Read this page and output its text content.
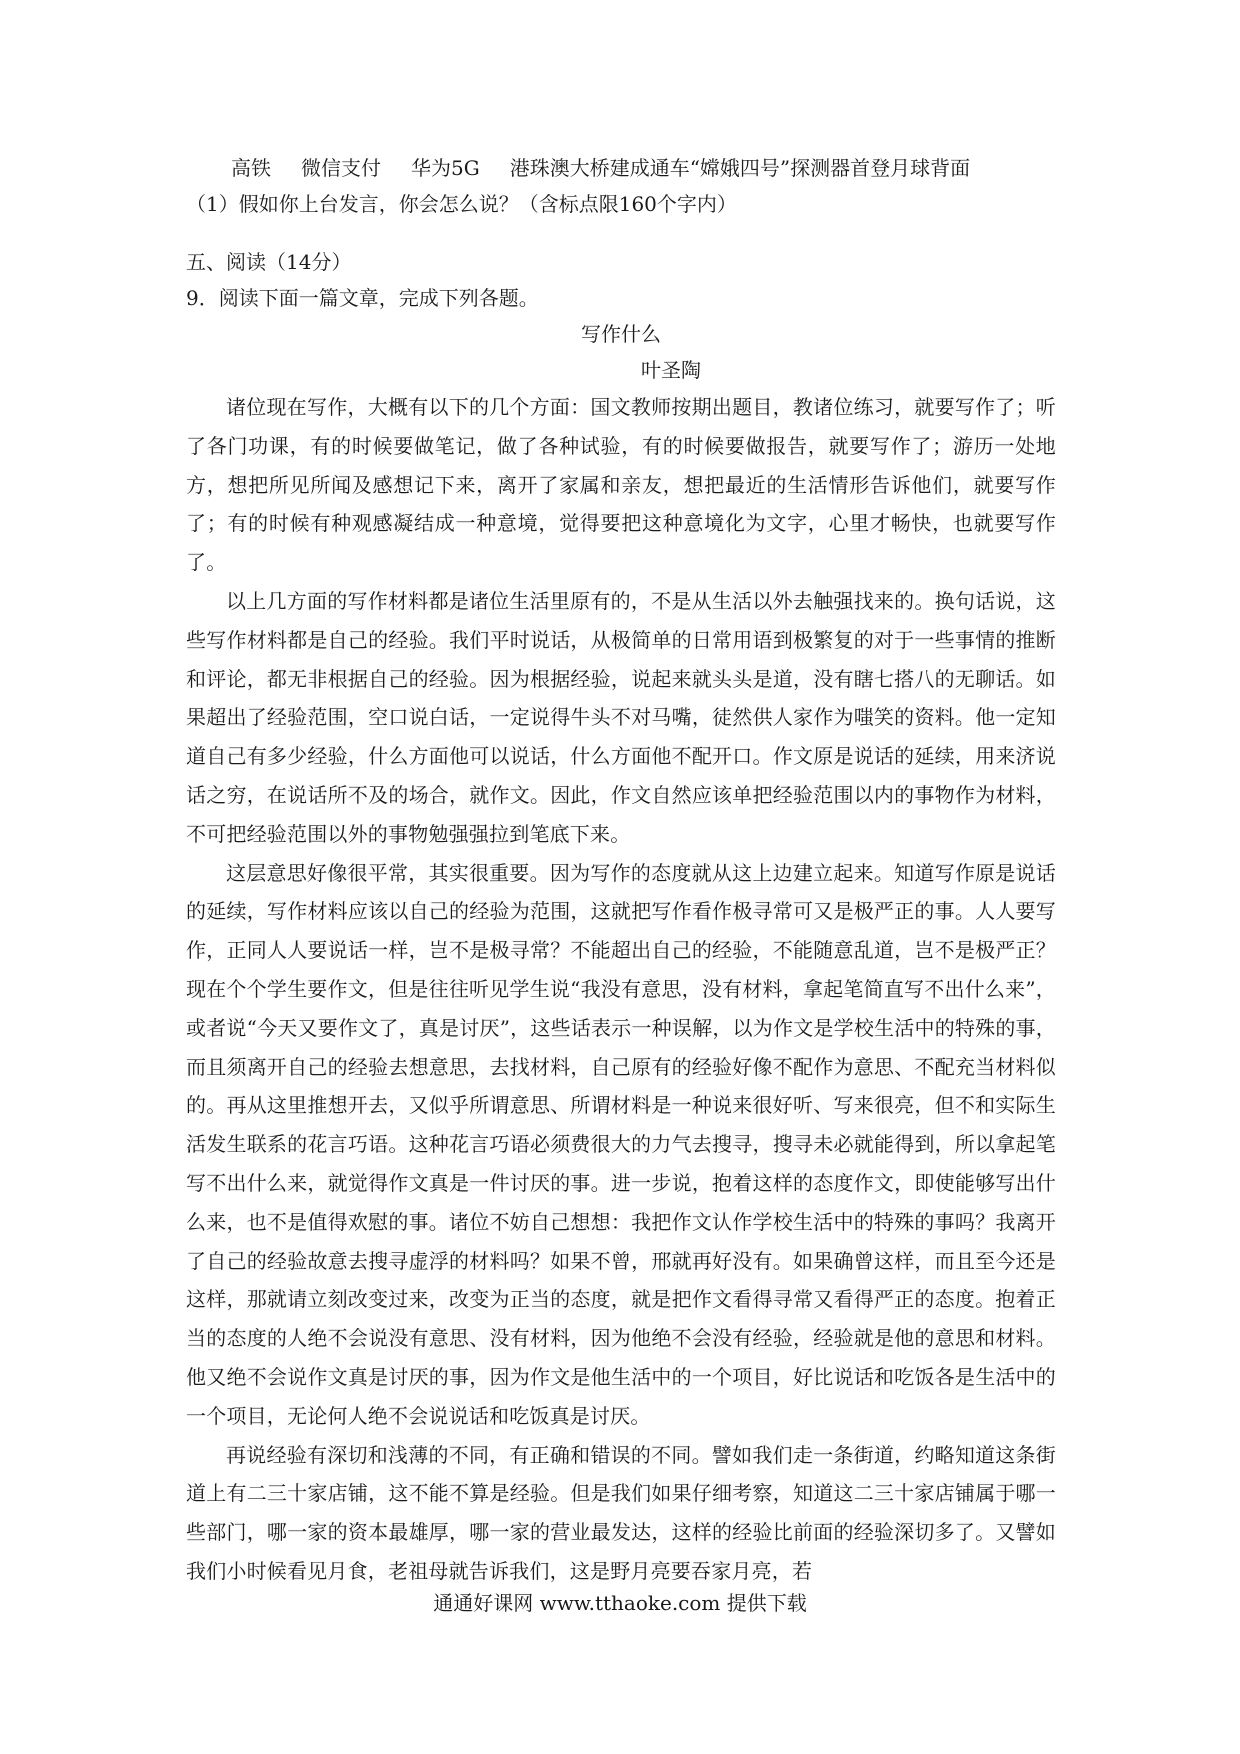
高铁 微信支付 华为5G 港珠澳大桥建成通车“嫦娥四号”探测器首登月球背面
（1）假如你上台发言，你会怎么说？（含标点限160个字内）
五、阅读（14分）
9．阅读下面一篇文章，完成下列各题。
写作什么
叶圣陶

诸位现在写作，大概有以下的几个方面：国文教师按期出题目，教诸位练习，就要写作了；听了各门功课，有的时候要做笔记，做了各种试验，有的时候要做报告，就要写作了；游历一处地方，想把所见所闻及感想记下来，离开了家属和亲友，想把最近的生活情形告诉他们，就要写作了；有的时候有种观感凝结成一种意境，觉得要把这种意境化为文字，心里才畅快，也就要写作了。

以上几方面的写作材料都是诸位生活里原有的，不是从生活以外去触强找来的。换句话说，这些写作材料都是自己的经验。我们平时说话，从极简单的日常用语到极繁复的对于一些事情的推断和评论，都无非根据自己的经验。因为根据经验，说起来就头头是道，没有瞎七搭八的无聊话。如果超出了经验范围，空口说白话，一定说得牛头不对马嘴，徒然供人家作为嗤笑的资料。他一定知道自己有多少经验，什么方面他可以说话，什么方面他不配开口。作文原是说话的延续，用来济说话之穷，在说话所不及的场合，就作文。因此，作文自然应该单把经验范围以内的事物作为材料，不可把经验范围以外的事物勉强强拉到笔底下来。

这层意思好像很平常，其实很重要。因为写作的态度就从这上边建立起来。知道写作原是说话的延续，写作材料应该以自己的经验为范围，这就把写作看作极寻常可又是极严正的事。人人要写作，正同人人要说话一样，岂不是极寻常？不能超出自己的经验，不能随意乱道，岂不是极严正？现在个个学生要作文，但是往往听见学生说“我没有意思，没有材料，拿起笔简直写不出什么来”，或者说“今天又要作文了，真是讨厌”，这些话表示一种误解，以为作文是学校生活中的特殊的事，而且须离开自己的经验去想意思，去找材料，自己原有的经验好像不配作为意思、不配充当材料似的。再从这里推想开去，又似乎所谓意思、所谓材料是一种说来很好听、写来很亮，但不和实际生活发生联系的花言巧语。这种花言巧语必须费很大的力气去搜寻，搜寻未必就能得到，所以拿起笔写不出什么来，就觉得作文真是一件讨厌的事。进一步说，抱着这样的态度作文，即使能够写出什么来，也不是值得欢慰的事。诸位不妨自己想想：我把作文认作学校生活中的特殊的事吗？我离开了自己的经验故意去搜寻虚浮的材料吗？如果不曾，邢就再好没有。如果确曾这样，而且至今还是这样，那就请立刻改变过来，改变为正当的态度，就是把作文看得寻常又看得严正的态度。抱着正当的态度的人绝不会说没有意思、没有材料，因为他绝不会没有经验，经验就是他的意思和材料。他又绝不会说作文真是讨厌的事，因为作文是他生活中的一个项目，好比说话和吃饭各是生活中的一个项目，无论何人绝不会说说话和吃饭真是讨厌。

再说经验有深切和浅薄的不同，有正确和错误的不同。譬如我们走一条街道，约略知道这条街道上有二三十家店铺，这不能不算是经验。但是我们如果仔细考察，知道这二三十家店铺属于哪一些部门，哪一家的资本最雄厚，哪一家的营业最发达，这样的经验比前面的经验深切多了。又譬如我们小时候看见月食，老祖母就告诉我们，这是野月亮要吞家月亮，若

通通好课网 www.tthaoke.com 提供下载
